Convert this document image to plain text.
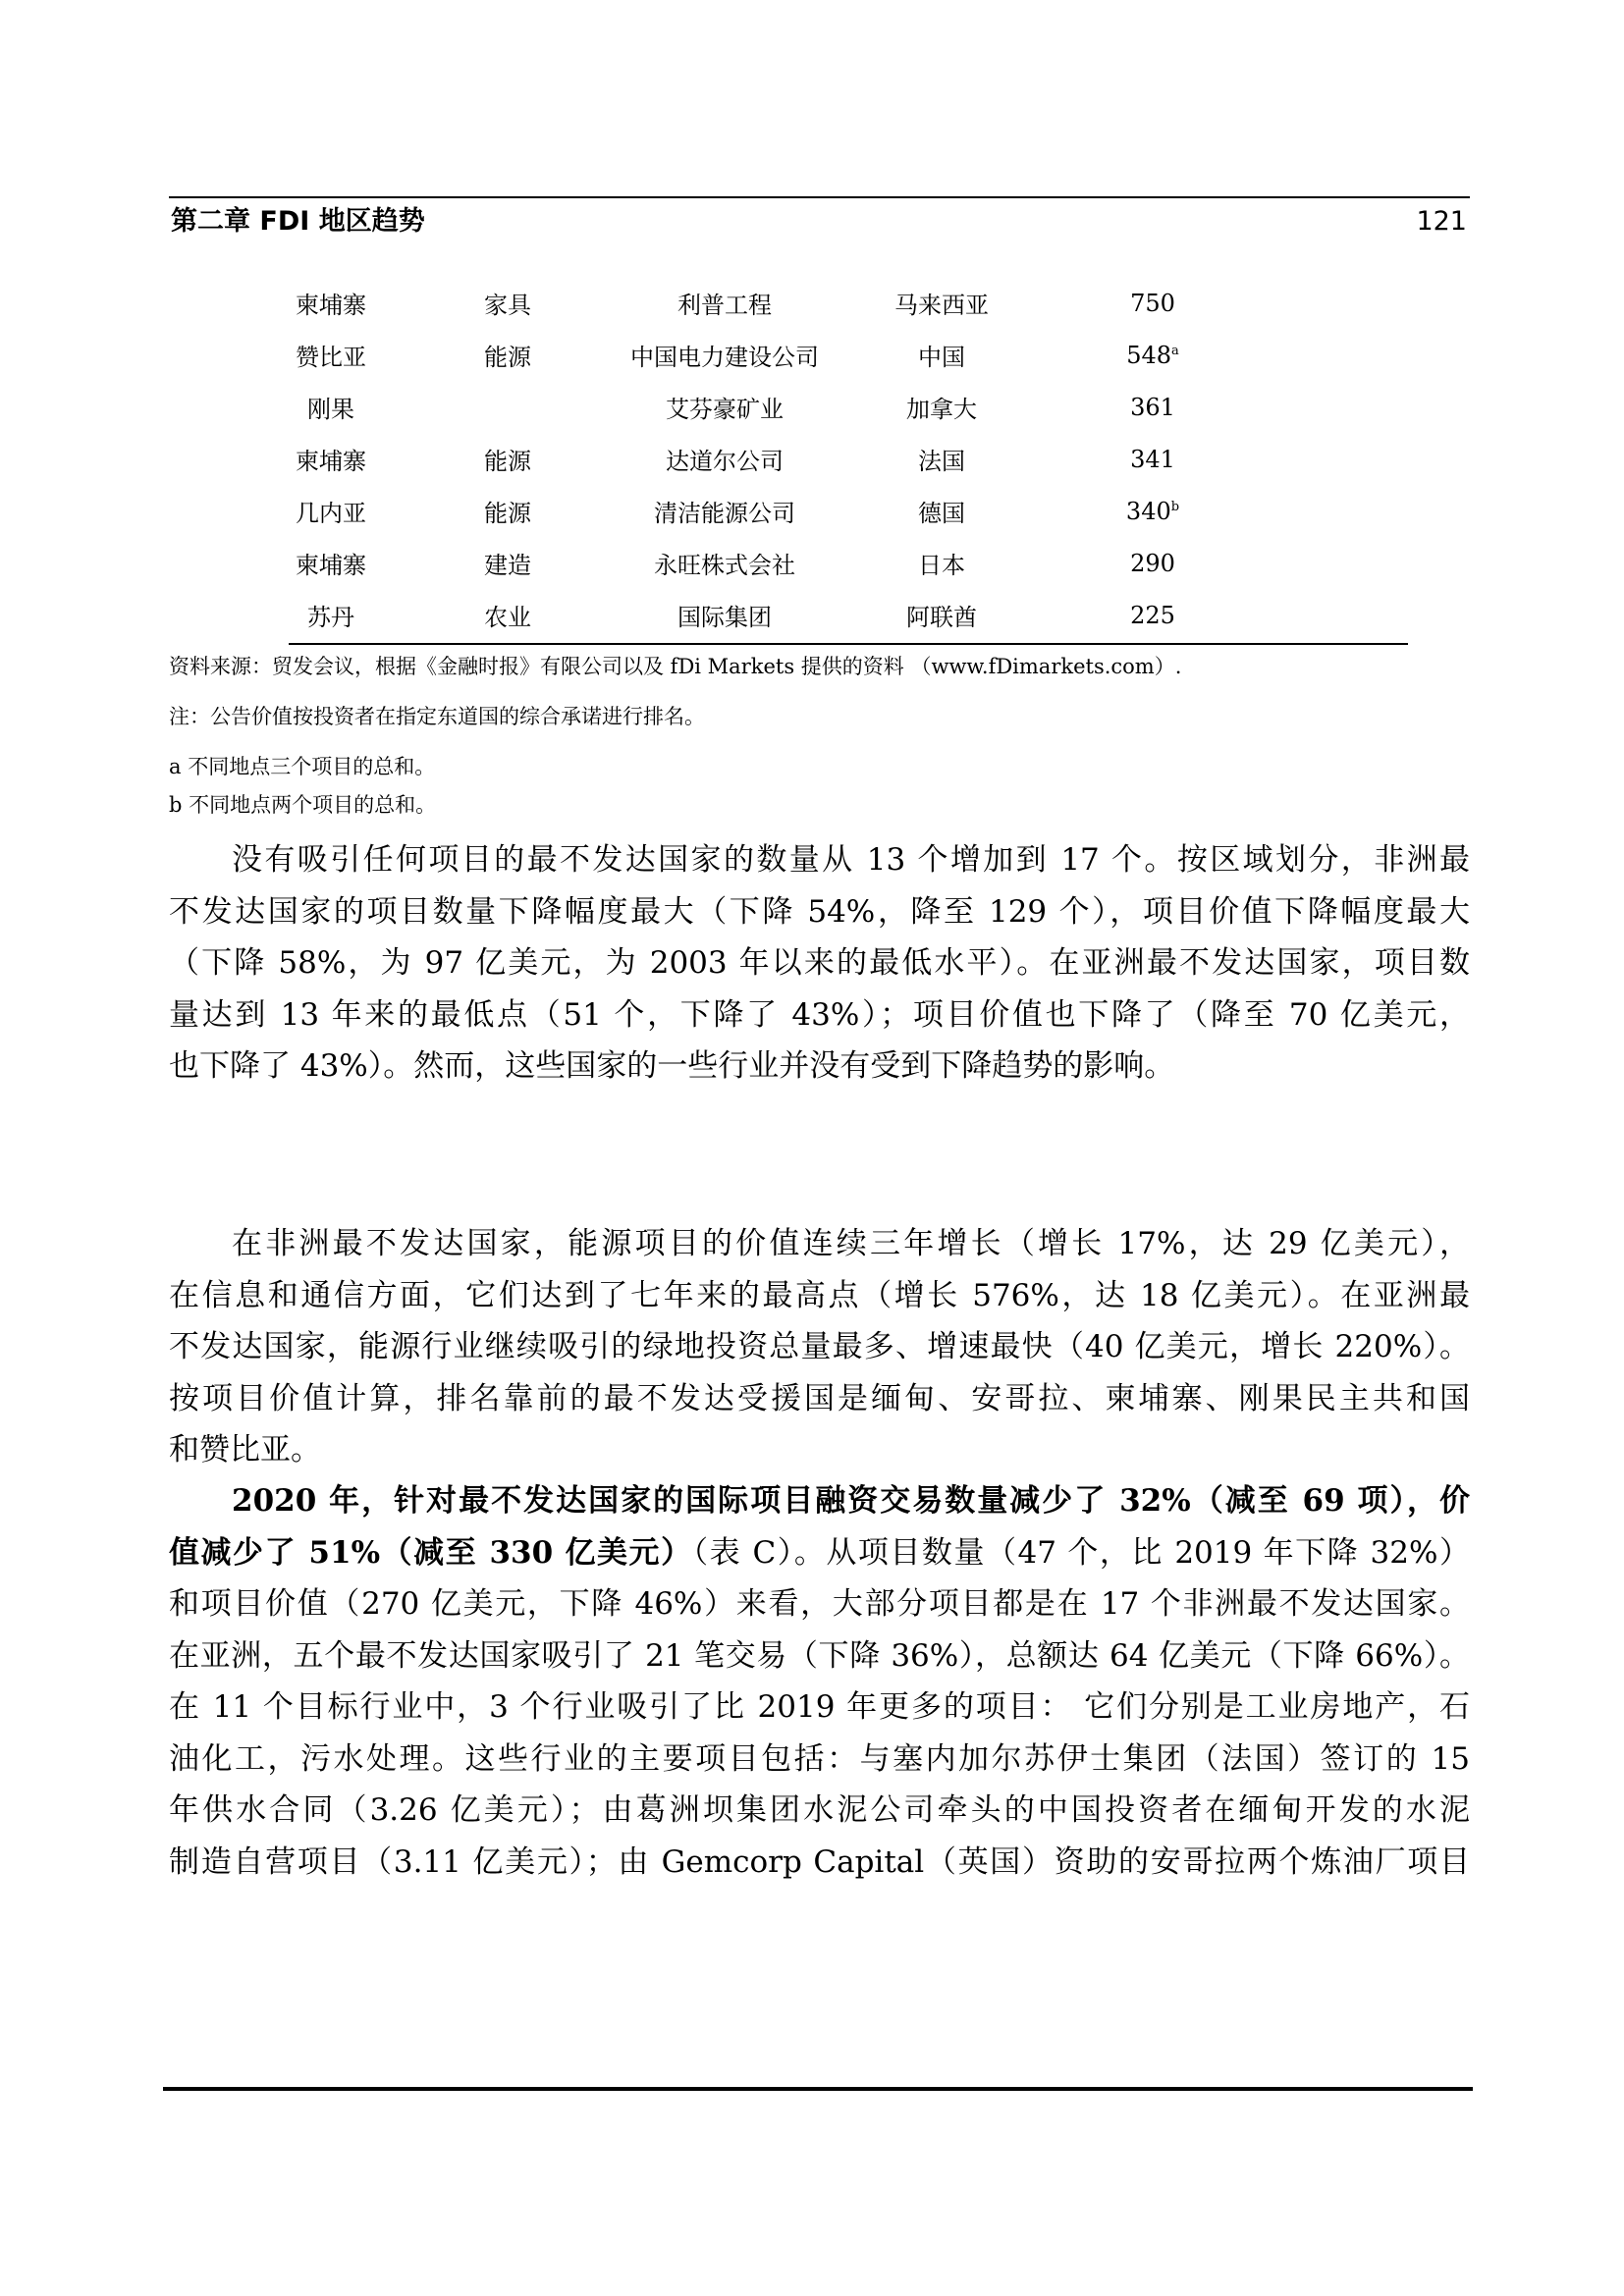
第二章 FDI 地区趋势	121
柬埔寨	家具	利普工程	马来西亚	750
赞比亚	能源	中国电力建设公司	中国	548$^a$
刚果		艾芬豪矿业	加拿大	361
柬埔寨	能源	达道尔公司	法国	341
几内亚	能源	清洁能源公司	德国	340$^b$
柬埔寨	建造	永旺株式会社	日本	290
苏丹	农业	国际集团	阿联酋	225
资料来源：贸发会议，根据《金融时报》有限公司以及 fDi Markets 提供的资料 （www.fDimarkets.com）.
注：公告价值按投资者在指定东道国的综合承诺进行排名。
a 不同地点三个项目的总和。
b 不同地点两个项目的总和。
没有吸引任何项目的最不发达国家的数量从 13 个增加到 17 个。按区域划分，非洲最
不发达国家的项目数量下降幅度最大（下降 54%，降至 129 个），项目价值下降幅度最大
（下降 58%，为 97 亿美元，为 2003 年以来的最低水平）。在亚洲最不发达国家，项目数
量达到 13 年来的最低点（51 个，下降了 43%）；项目价值也下降了（降至 70 亿美元，
也下降了 43%）。然而，这些国家的一些行业并没有受到下降趋势的影响。
在非洲最不发达国家，能源项目的价值连续三年增长（增长 17%，达 29 亿美元），
在信息和通信方面，它们达到了七年来的最高点（增长 576%，达 18 亿美元）。在亚洲最
不发达国家，能源行业继续吸引的绿地投资总量最多、增速最快（40 亿美元，增长 220%）。
按项目价值计算，排名靠前的最不发达受援国是缅甸、安哥拉、柬埔寨、刚果民主共和国
和赞比亚。
2020 年，针对最不发达国家的国际项目融资交易数量减少了 32%（减至 69 项），价
值减少了 51%（减至 330 亿美元）（表 C）。从项目数量（47 个，比 2019 年下降 32%）
和项目价值（270 亿美元，下降 46%）来看，大部分项目都是在 17 个非洲最不发达国家。
在亚洲，五个最不发达国家吸引了 21 笔交易（下降 36%），总额达 64 亿美元（下降 66%）。
在 11 个目标行业中，3 个行业吸引了比 2019 年更多的项目： 它们分别是工业房地产，石
油化工，污水处理。这些行业的主要项目包括：与塞内加尔苏伊士集团（法国）签订的 15
年供水合同（3.26 亿美元）；由葛洲坝集团水泥公司牵头的中国投资者在缅甸开发的水泥
制造自营项目（3.11 亿美元）；由 Gemcorp Capital（英国）资助的安哥拉两个炼油厂项目
